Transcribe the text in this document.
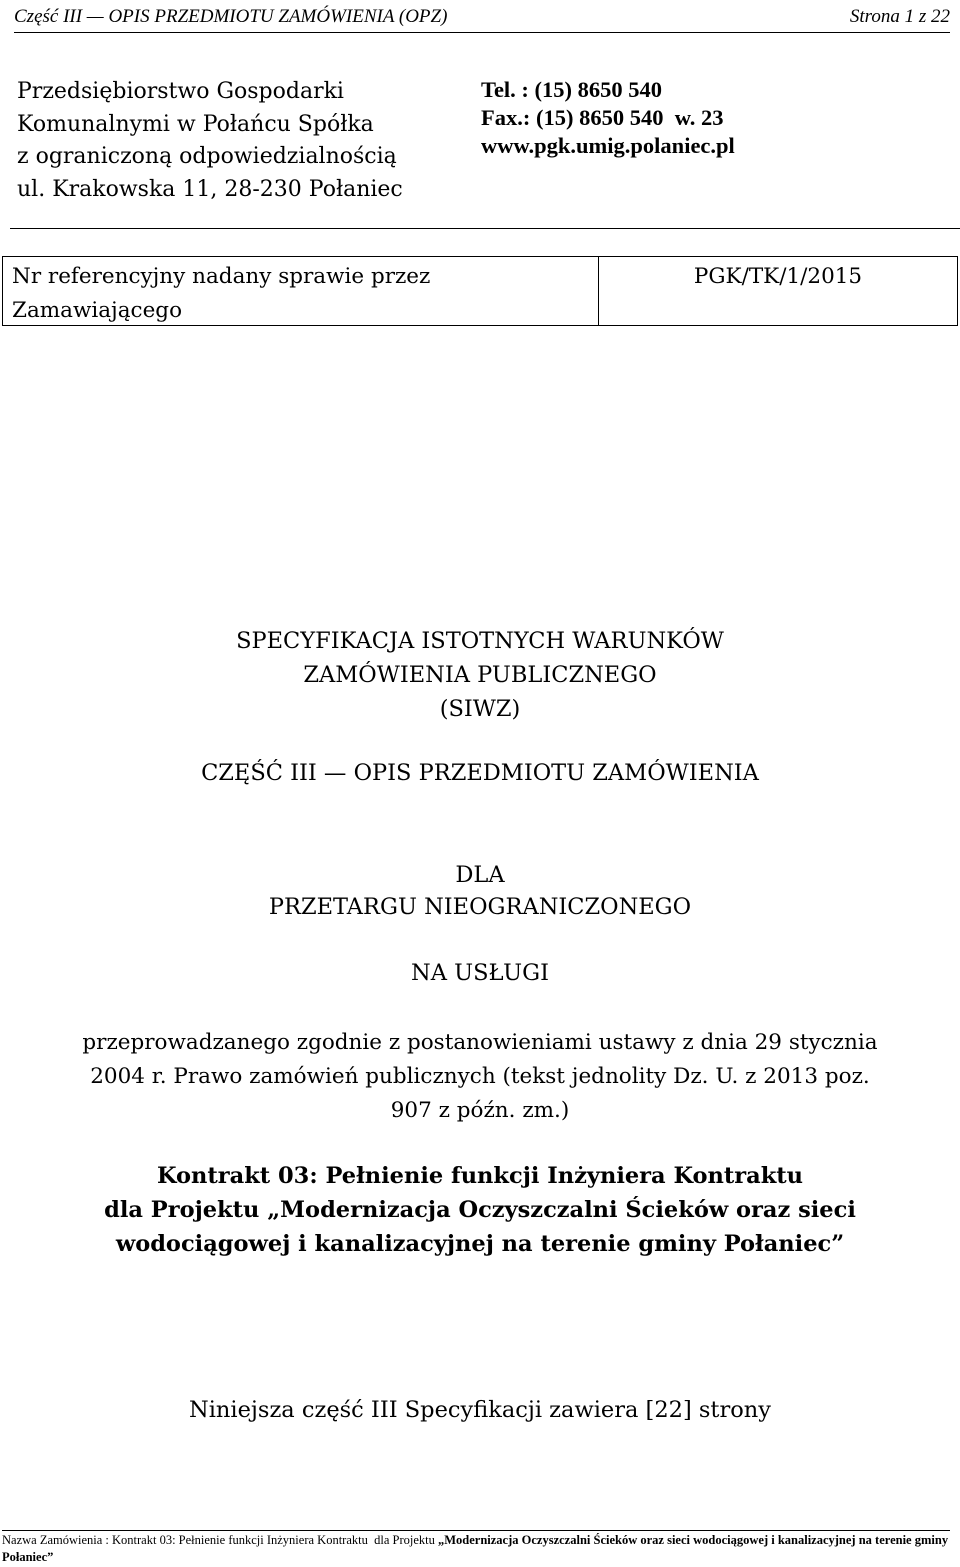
Część III — OPIS PRZEDMIOTU ZAMÓWIENIA (OPZ)	Strona 1 z 22
Przedsiębiorstwo Gospodarki
Komunalnymi w Połańcu Spółka
z ograniczoną odpowiedzialnością
ul. Krakowska 11, 28-230 Połaniec
Tel. : (15) 8650 540
Fax.: (15) 8650 540  w. 23
www.pgk.umig.polaniec.pl
Nr referencyjny nadany sprawie przez
Zamawiającego
PGK/TK/1/2015
SPECYFIKACJA ISTOTNYCH WARUNKÓW
ZAMÓWIENIA PUBLICZNEGO
(SIWZ)
CZĘŚĆ III — OPIS PRZEDMIOTU ZAMÓWIENIA
DLA
PRZETARGU NIEOGRANICZONEGO
NA USŁUGI
przeprowadzanego zgodnie z postanowieniami ustawy z dnia 29 stycznia
2004 r. Prawo zamówień publicznych (tekst jednolity Dz. U. z 2013 poz.
907 z późn. zm.)
Kontrakt 03: Pełnienie funkcji Inżyniera Kontraktu
dla Projektu „Modernizacja Oczyszczalni Ścieków oraz sieci
wodociągowej i kanalizacyjnej na terenie gminy Połaniec”
Niniejsza część III Specyfikacji zawiera [22] strony
Nazwa Zamówienia : Kontrakt 03: Pełnienie funkcji Inżyniera Kontraktu  dla Projektu „Modernizacja Oczyszczalni Ścieków oraz sieci wodociągowej i kanalizacyjnej na terenie gminy Połaniec”
